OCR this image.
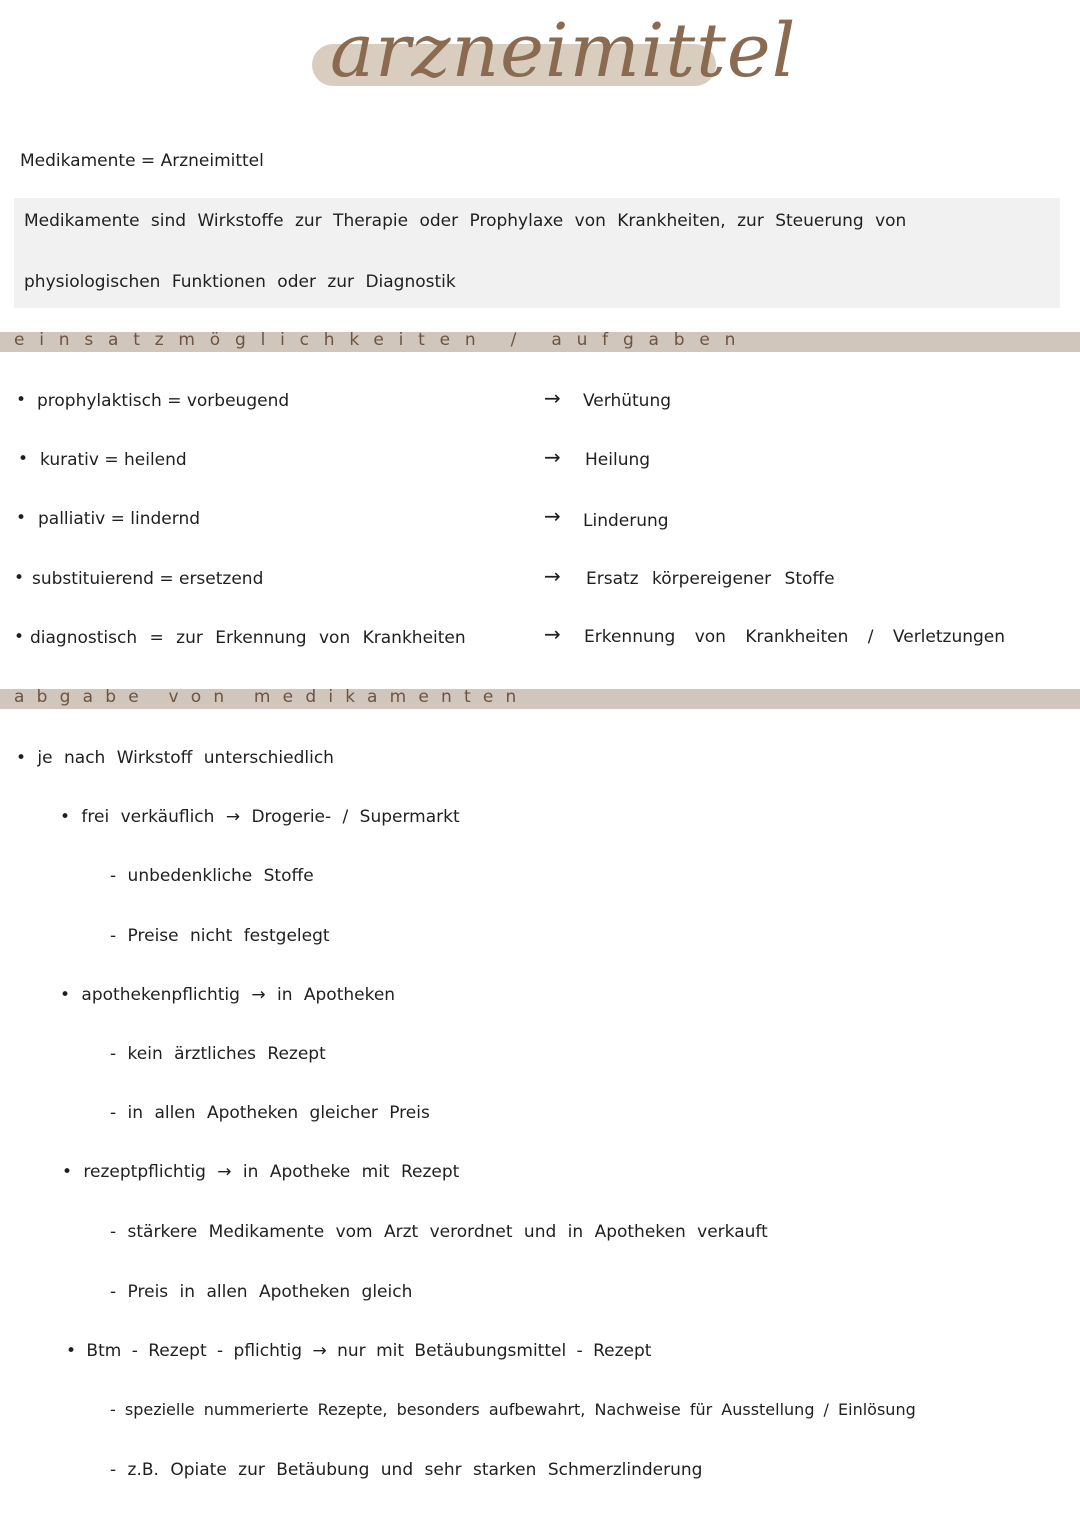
arzneimittel
Medikamente = Arzneimittel
Medikamente sind Wirkstoffe zur Therapie oder Prophylaxe von Krankheiten, zur Steuerung von
physiologischen Funktionen oder zur Diagnostik
einsatzmöglichkeiten / aufgaben
• prophylaktisch = vorbeugend	→ Verhütung
• kurativ = heilend	→ Heilung
• palliativ = lindernd	→ Linderung
• substituierend = ersetzend	→ Ersatz körpereigener Stoffe
• diagnostisch = zur Erkennung von Krankheiten	→ Erkennung von Krankheiten / Verletzungen
abgabe von medikamenten
• je nach Wirkstoff unterschiedlich
• frei verkäuflich → Drogerie- / Supermarkt
- unbedenkliche Stoffe
- Preise nicht festgelegt
• apothekenpflichtig → in Apotheken
- kein ärztliches Rezept
- in allen Apotheken gleicher Preis
• rezeptpflichtig → in Apotheke mit Rezept
- stärkere Medikamente vom Arzt verordnet und in Apotheken verkauft
- Preis in allen Apotheken gleich
• Btm - Rezept - pflichtig → nur mit Betäubungsmittel - Rezept
- spezielle nummerierte Rezepte, besonders aufbewahrt, Nachweise für Ausstellung / Einlösung
- z.B. Opiate zur Betäubung und sehr starken Schmerzlinderung
